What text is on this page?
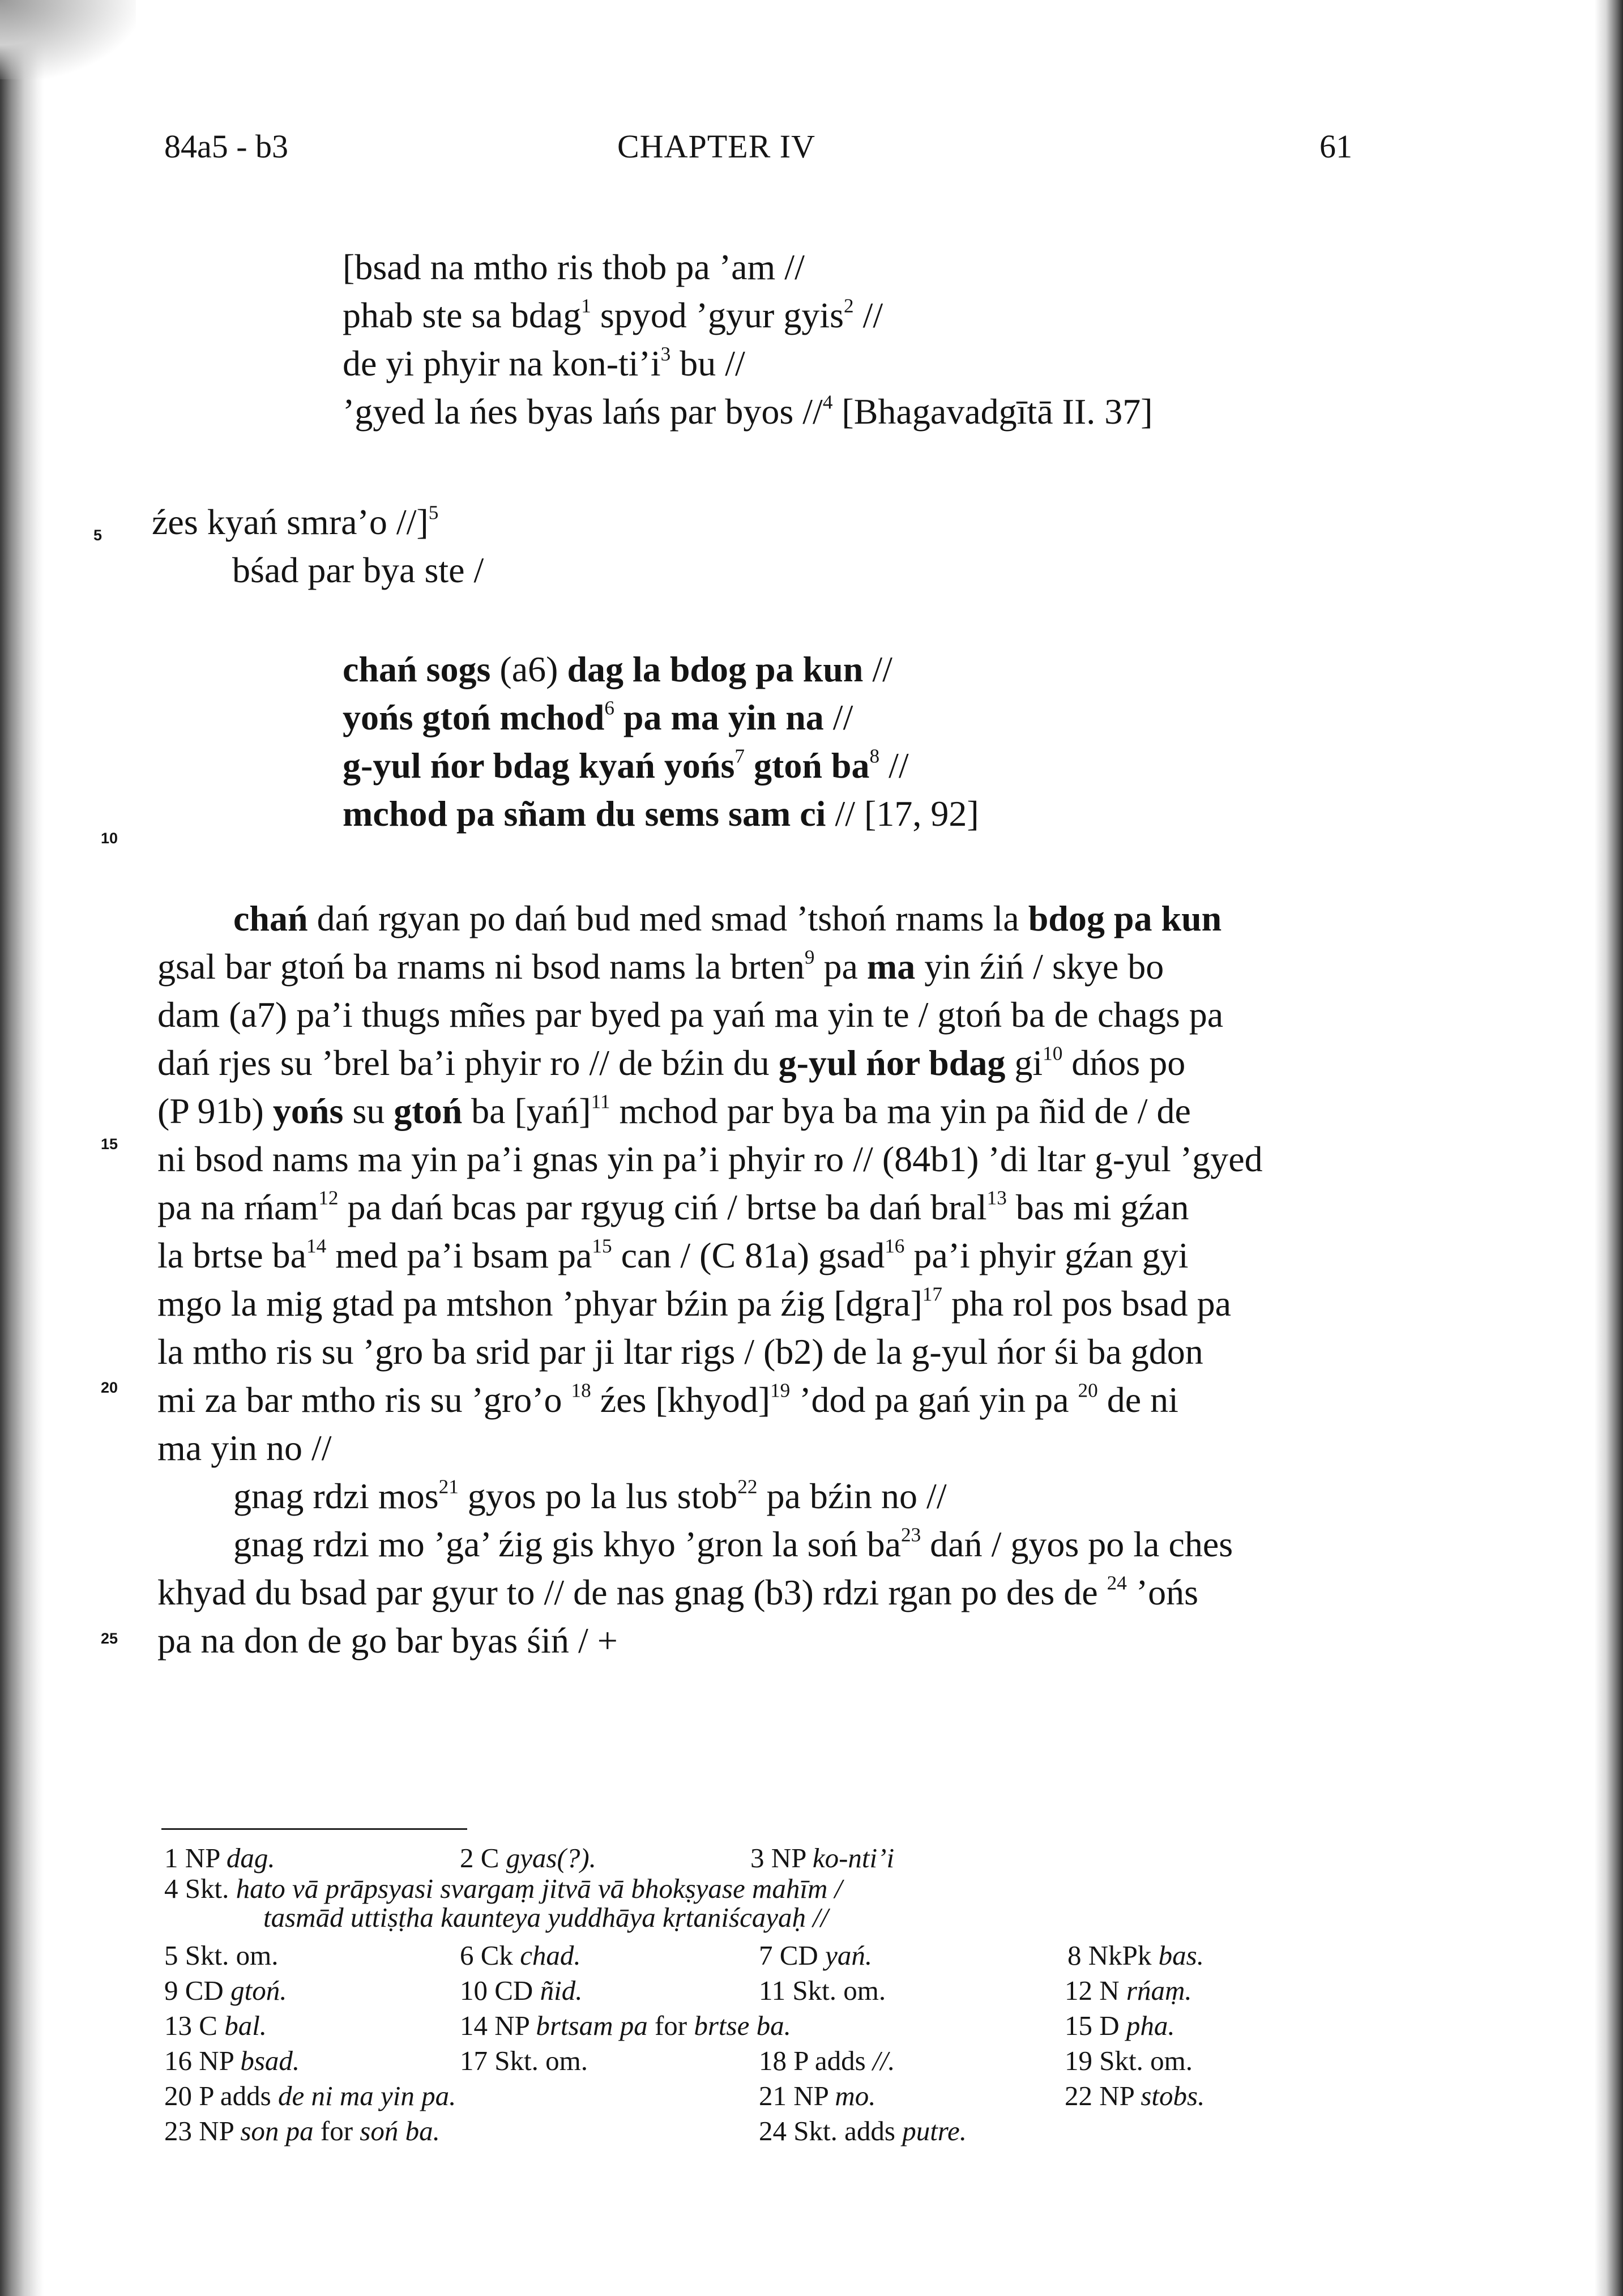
84a5 - b3	CHAPTER IV	61
5
10
15
20
25
[bsad na mtho ris thob pa ’am //
phab ste sa bdag$^1$ spyod ’gyur gyis$^2$ //
de yi phyir na kon-$ti’i^3$ bu //
’gyed la ńes byas lańs par byos //$^4$ [Bhagavadgītā II. 37]
źes kyań smra’o //]$^5$
bśad par bya ste /
chań sogs (a6) dag la bdog pa kun //
yońs gtoń mchod$^6$ pa ma yin na //
g-yul ńor bdag kyań yońs$^7$ gtoń $ba^8$ //
mchod pa sñam du sems sam ci // [17, 92]
chań dań rgyan po dań bud med smad ’tshoń rnams la bdog pa kun
gsal bar gtoń ba rnams ni bsod nams la brten$^9$ pa ma yin źiń / skye bo
dam (a7) pa’i thugs mñes par byed pa yań ma yin te / gtoń ba de chags pa
dań rjes su ’brel ba’i phyir ro // de bźin du g-yul ńor bdag $gi^{10}$ dńos po
(P 91b) yońs su gtoń ba [yań]$^{11}$ mchod par bya ba ma yin pa ñid de / de
ni bsod nams ma yin pa’i gnas yin pa’i phyir ro // (84b1) ’di ltar g-yul ’gyed
pa na rńam$^{12}$ pa dań bcas par rgyug ciń / brtse ba dań bral$^{13}$ bas mi gźan
la brtse $ba^{14}$ med pa’i bsam $pa^{15}$ can / (C 81a) gsad$^{16}$ pa’i phyir gźan gyi
mgo la mig gtad pa mtshon ’phyar bźin pa źig [dgra]$^{17}$ pha rol pos bsad pa
la mtho ris su ’gro ba srid par ji ltar rigs / (b2) de la g-yul ńor śi ba gdon
mi za bar mtho ris su ’gro’o $^{18}$ źes [khyod]$^{19}$ ’dod pa gań yin pa $^{20}$ de ni
ma yin no //
gnag rdzi mos$^{21}$ gyos po la lus stob$^{22}$ pa bźin no //
gnag rdzi mo ’ga’ źig gis khyo ’gron la soń $ba^{23}$ dań / gyos po la ches
khyad du bsad par gyur to // de nas gnag (b3) rdzi rgan po des de $^{24}$ ’ońs
pa na don de go bar byas śiń / +
1 NP dag.	2 C gyas(?).	3 NP ko-nti’i
4 Skt. hato vā prāpsyasi svargaṃ jitvā vā bhokṣyase mahīm /
tasmād uttiṣṭha kaunteya yuddhāya kṛtaniścayaḥ //
5 Skt. om.	6 Ck chad.	7 CD yań.	8 NkPk bas.
9 CD gtoń.	10 CD ñid.	11 Skt. om.	12 N rńaṃ.
13 C bal.	14 NP brtsam pa for brtse ba.	15 D pha.
16 NP bsad.	17 Skt. om.	18 P adds //.	19 Skt. om.
20 P adds de ni ma yin pa.	21 NP mo.	22 NP stobs.
23 NP son pa for soń ba.	24 Skt. adds putre.
